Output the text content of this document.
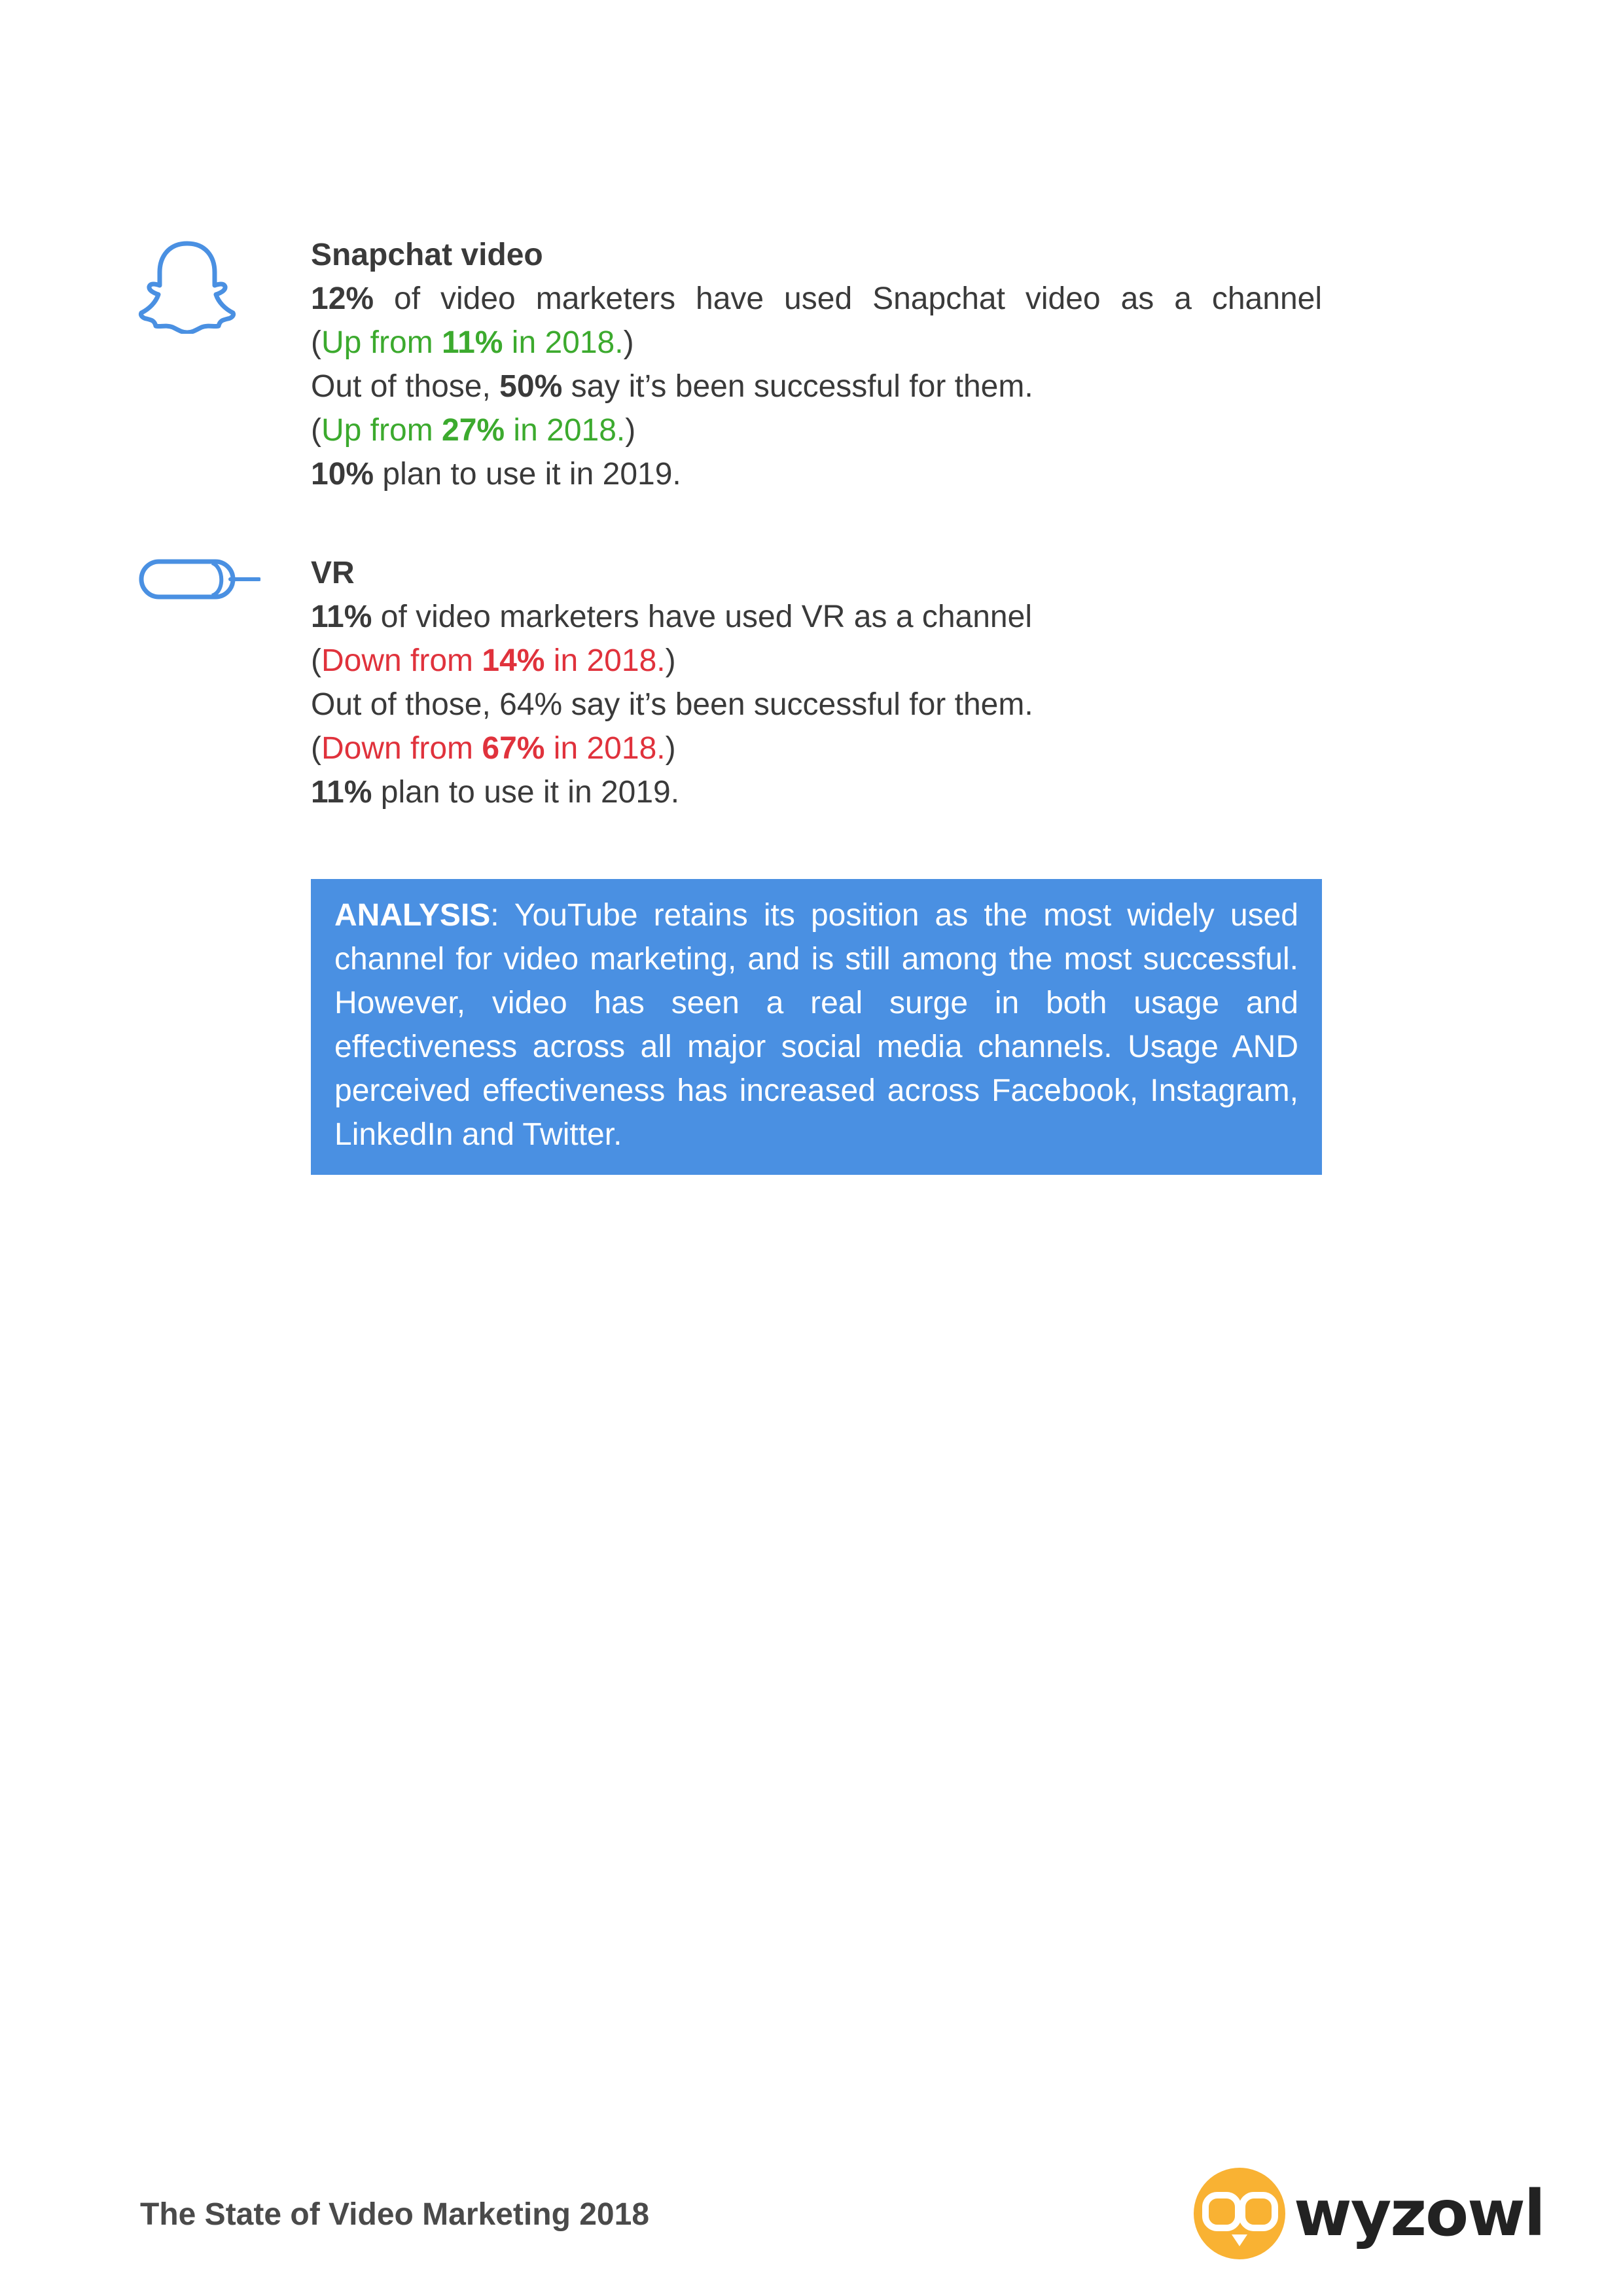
Snapchat video
12% of video marketers have used Snapchat video as a channel
(Up from 11% in 2018.)
Out of those, 50% say it’s been successful for them.
(Up from 27% in 2018.)
10% plan to use it in 2019.
VR
11% of video marketers have used VR as a channel
(Down from 14% in 2018.)
Out of those, 64% say it’s been successful for them.
(Down from 67% in 2018.)
11% plan to use it in 2019.
ANALYSIS: YouTube retains its position as the most widely used channel for video marketing, and is still among the most successful. However, video has seen a real surge in both usage and effectiveness across all major social media channels. Usage AND perceived effectiveness has increased across Facebook, Instagram, LinkedIn and Twitter.
The State of Video Marketing 2018	wyzowl
